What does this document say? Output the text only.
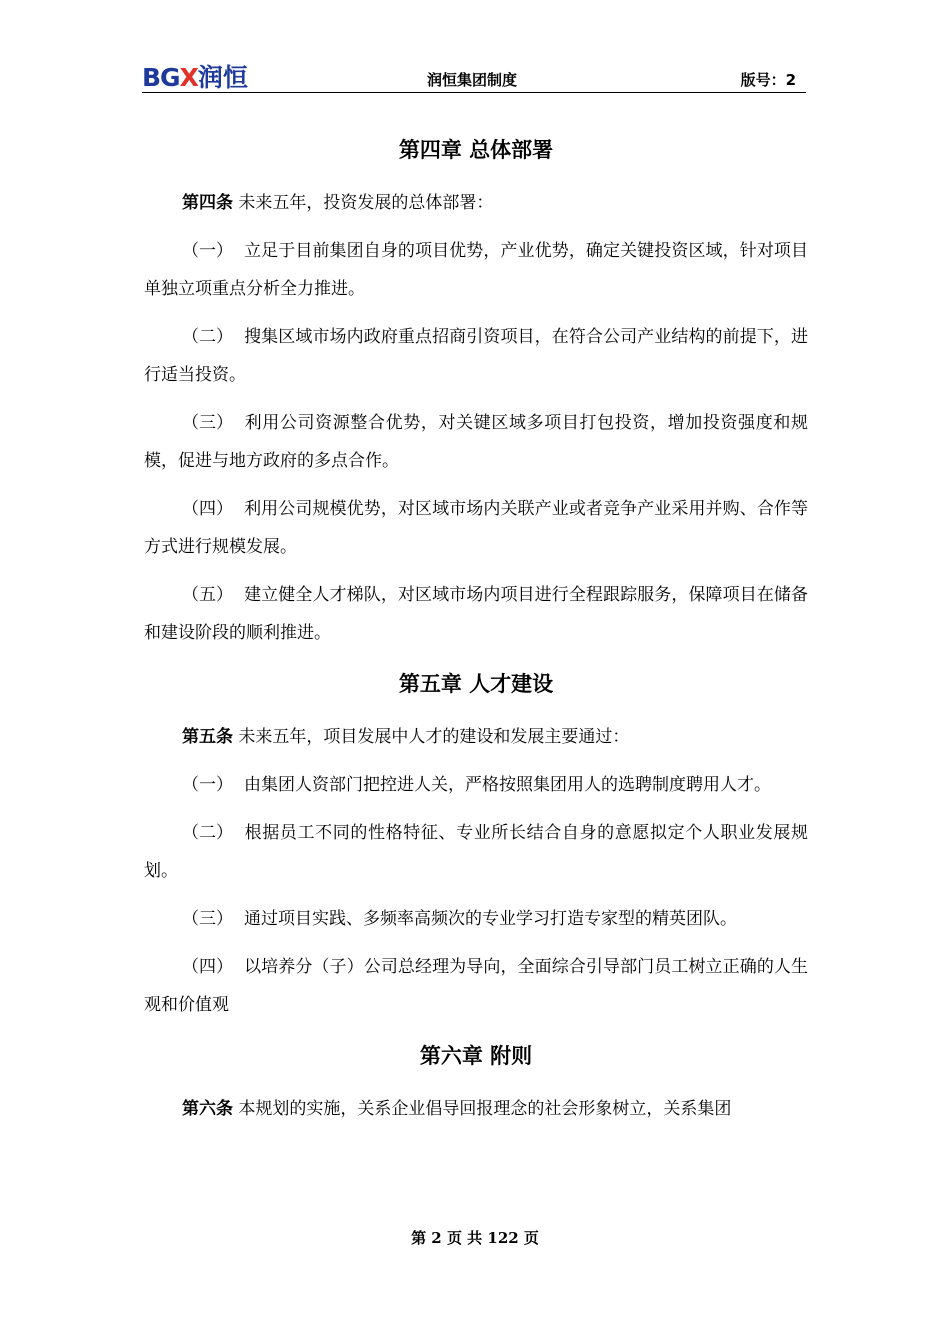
BGX润恒	润恒集团制度	版号：2
第四章 总体部署

第四条 未来五年，投资发展的总体部署：

（一） 立足于目前集团自身的项目优势，产业优势，确定关键投资区域，针对项目单独立项重点分析全力推进。

（二） 搜集区域市场内政府重点招商引资项目，在符合公司产业结构的前提下，进行适当投资。

（三） 利用公司资源整合优势，对关键区域多项目打包投资，增加投资强度和规模，促进与地方政府的多点合作。

（四） 利用公司规模优势，对区域市场内关联产业或者竞争产业采用并购、合作等方式进行规模发展。

（五） 建立健全人才梯队，对区域市场内项目进行全程跟踪服务，保障项目在储备和建设阶段的顺利推进。

第五章 人才建设

第五条 未来五年，项目发展中人才的建设和发展主要通过：

（一） 由集团人资部门把控进人关，严格按照集团用人的选聘制度聘用人才。

（二） 根据员工不同的性格特征、专业所长结合自身的意愿拟定个人职业发展规划。

（三） 通过项目实践、多频率高频次的专业学习打造专家型的精英团队。

（四） 以培养分（子）公司总经理为导向，全面综合引导部门员工树立正确的人生观和价值观

第六章 附则

第六条 本规划的实施，关系企业倡导回报理念的社会形象树立，关系集团

第 2 页 共 122 页
